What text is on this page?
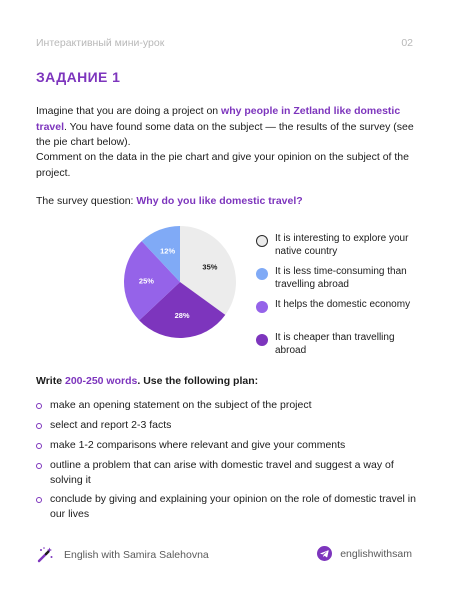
Интерактивный мини-урок	02
ЗАДАНИЕ 1

Imagine that you are doing a project on why people in Zetland like domestic travel. You have found some data on the subject — the results of the survey (see the pie chart below).

Comment on the data in the pie chart and give your opinion on the subject of the project.

The survey question: Why do you like domestic travel?

35%
28%
25%
12%
It is interesting to explore your native country
It is less time-consuming than travelling abroad
It helps the domestic economy
It is cheaper than travelling abroad

Write 200-250 words. Use the following plan:

make an opening statement on the subject of the project
select and report 2-3 facts
make 1-2 comparisons where relevant and give your comments
outline a problem that can arise with domestic travel and suggest a way of solving it
conclude by giving and explaining your opinion on the role of domestic travel in our lives
English with Samira Salehovna	englishwithsam
